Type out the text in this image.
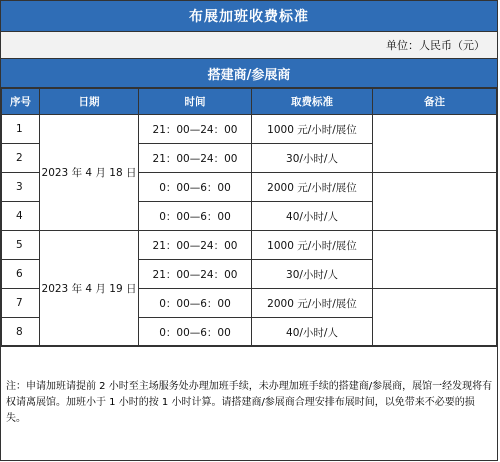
布展加班收费标准
单位：人民币（元）
搭建商/参展商
序号	日期	时间	取费标准	备注
1	2023 年 4 月 18 日	21：00—24：00	1000 元/小时/展位	
2		21：00—24：00	30/小时/人	
3		0：00—6：00	2000 元/小时/展位	
4		0：00—6：00	40/小时/人	
5	2023 年 4 月 19 日	21：00—24：00	1000 元/小时/展位	
6		21：00—24：00	30/小时/人	
7		0：00—6：00	2000 元/小时/展位	
8		0：00—6：00	40/小时/人	
注：申请加班请提前 2 小时至主场服务处办理加班手续，未办理加班手续的搭建商/参展商，展馆一经发现将有权请离展馆。加班小于 1 小时的按 1 小时计算。请搭建商/参展商合理安排布展时间，以免带来不必要的损失。
